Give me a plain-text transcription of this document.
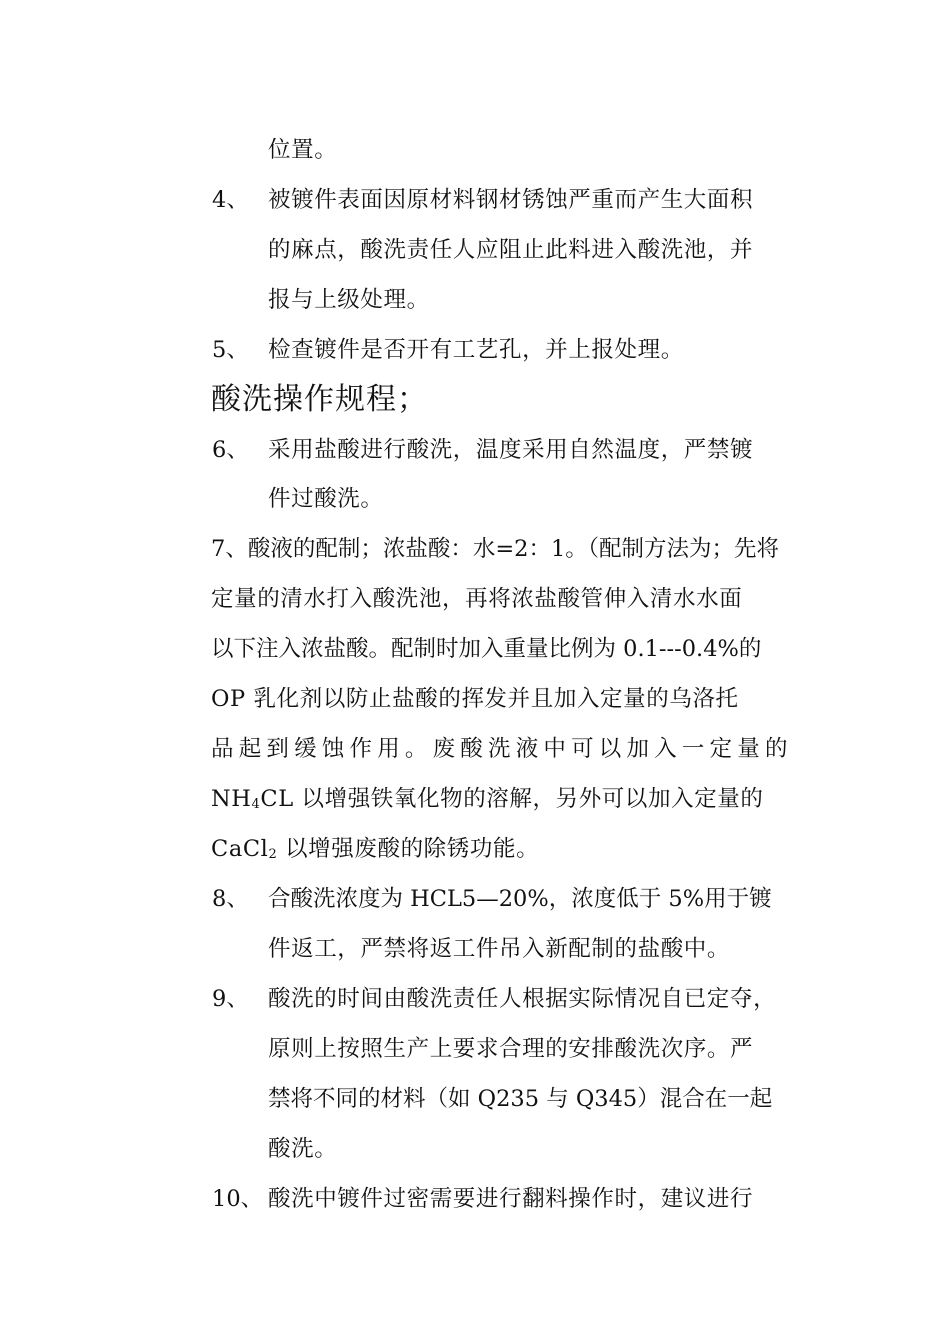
位置。
4、 被镀件表面因原材料钢材锈蚀严重而产生大面积
的麻点，酸洗责任人应阻止此料进入酸洗池，并
报与上级处理。
5、 检查镀件是否开有工艺孔，并上报处理。
酸洗操作规程；
6、 采用盐酸进行酸洗，温度采用自然温度，严禁镀
件过酸洗。
7、酸液的配制；浓盐酸：水=2：1。（配制方法为；先将
定量的清水打入酸洗池，再将浓盐酸管伸入清水水面
以下注入浓盐酸。配制时加入重量比例为 0.1---0.4%的
OP 乳化剂以防止盐酸的挥发并且加入定量的乌洛托
品起到缓蚀作用。废酸洗液中可以加入一定量的
$NH_4CL$ 以增强铁氧化物的溶解，另外可以加入定量的
CaCl$_2$ 以增强废酸的除锈功能。
8、 合酸洗浓度为 HCL5—20%，浓度低于 5%用于镀
件返工，严禁将返工件吊入新配制的盐酸中。
9、 酸洗的时间由酸洗责任人根据实际情况自已定夺，
原则上按照生产上要求合理的安排酸洗次序。严
禁将不同的材料（如 Q235 与 Q345）混合在一起
酸洗。
10、 酸洗中镀件过密需要进行翻料操作时，建议进行
